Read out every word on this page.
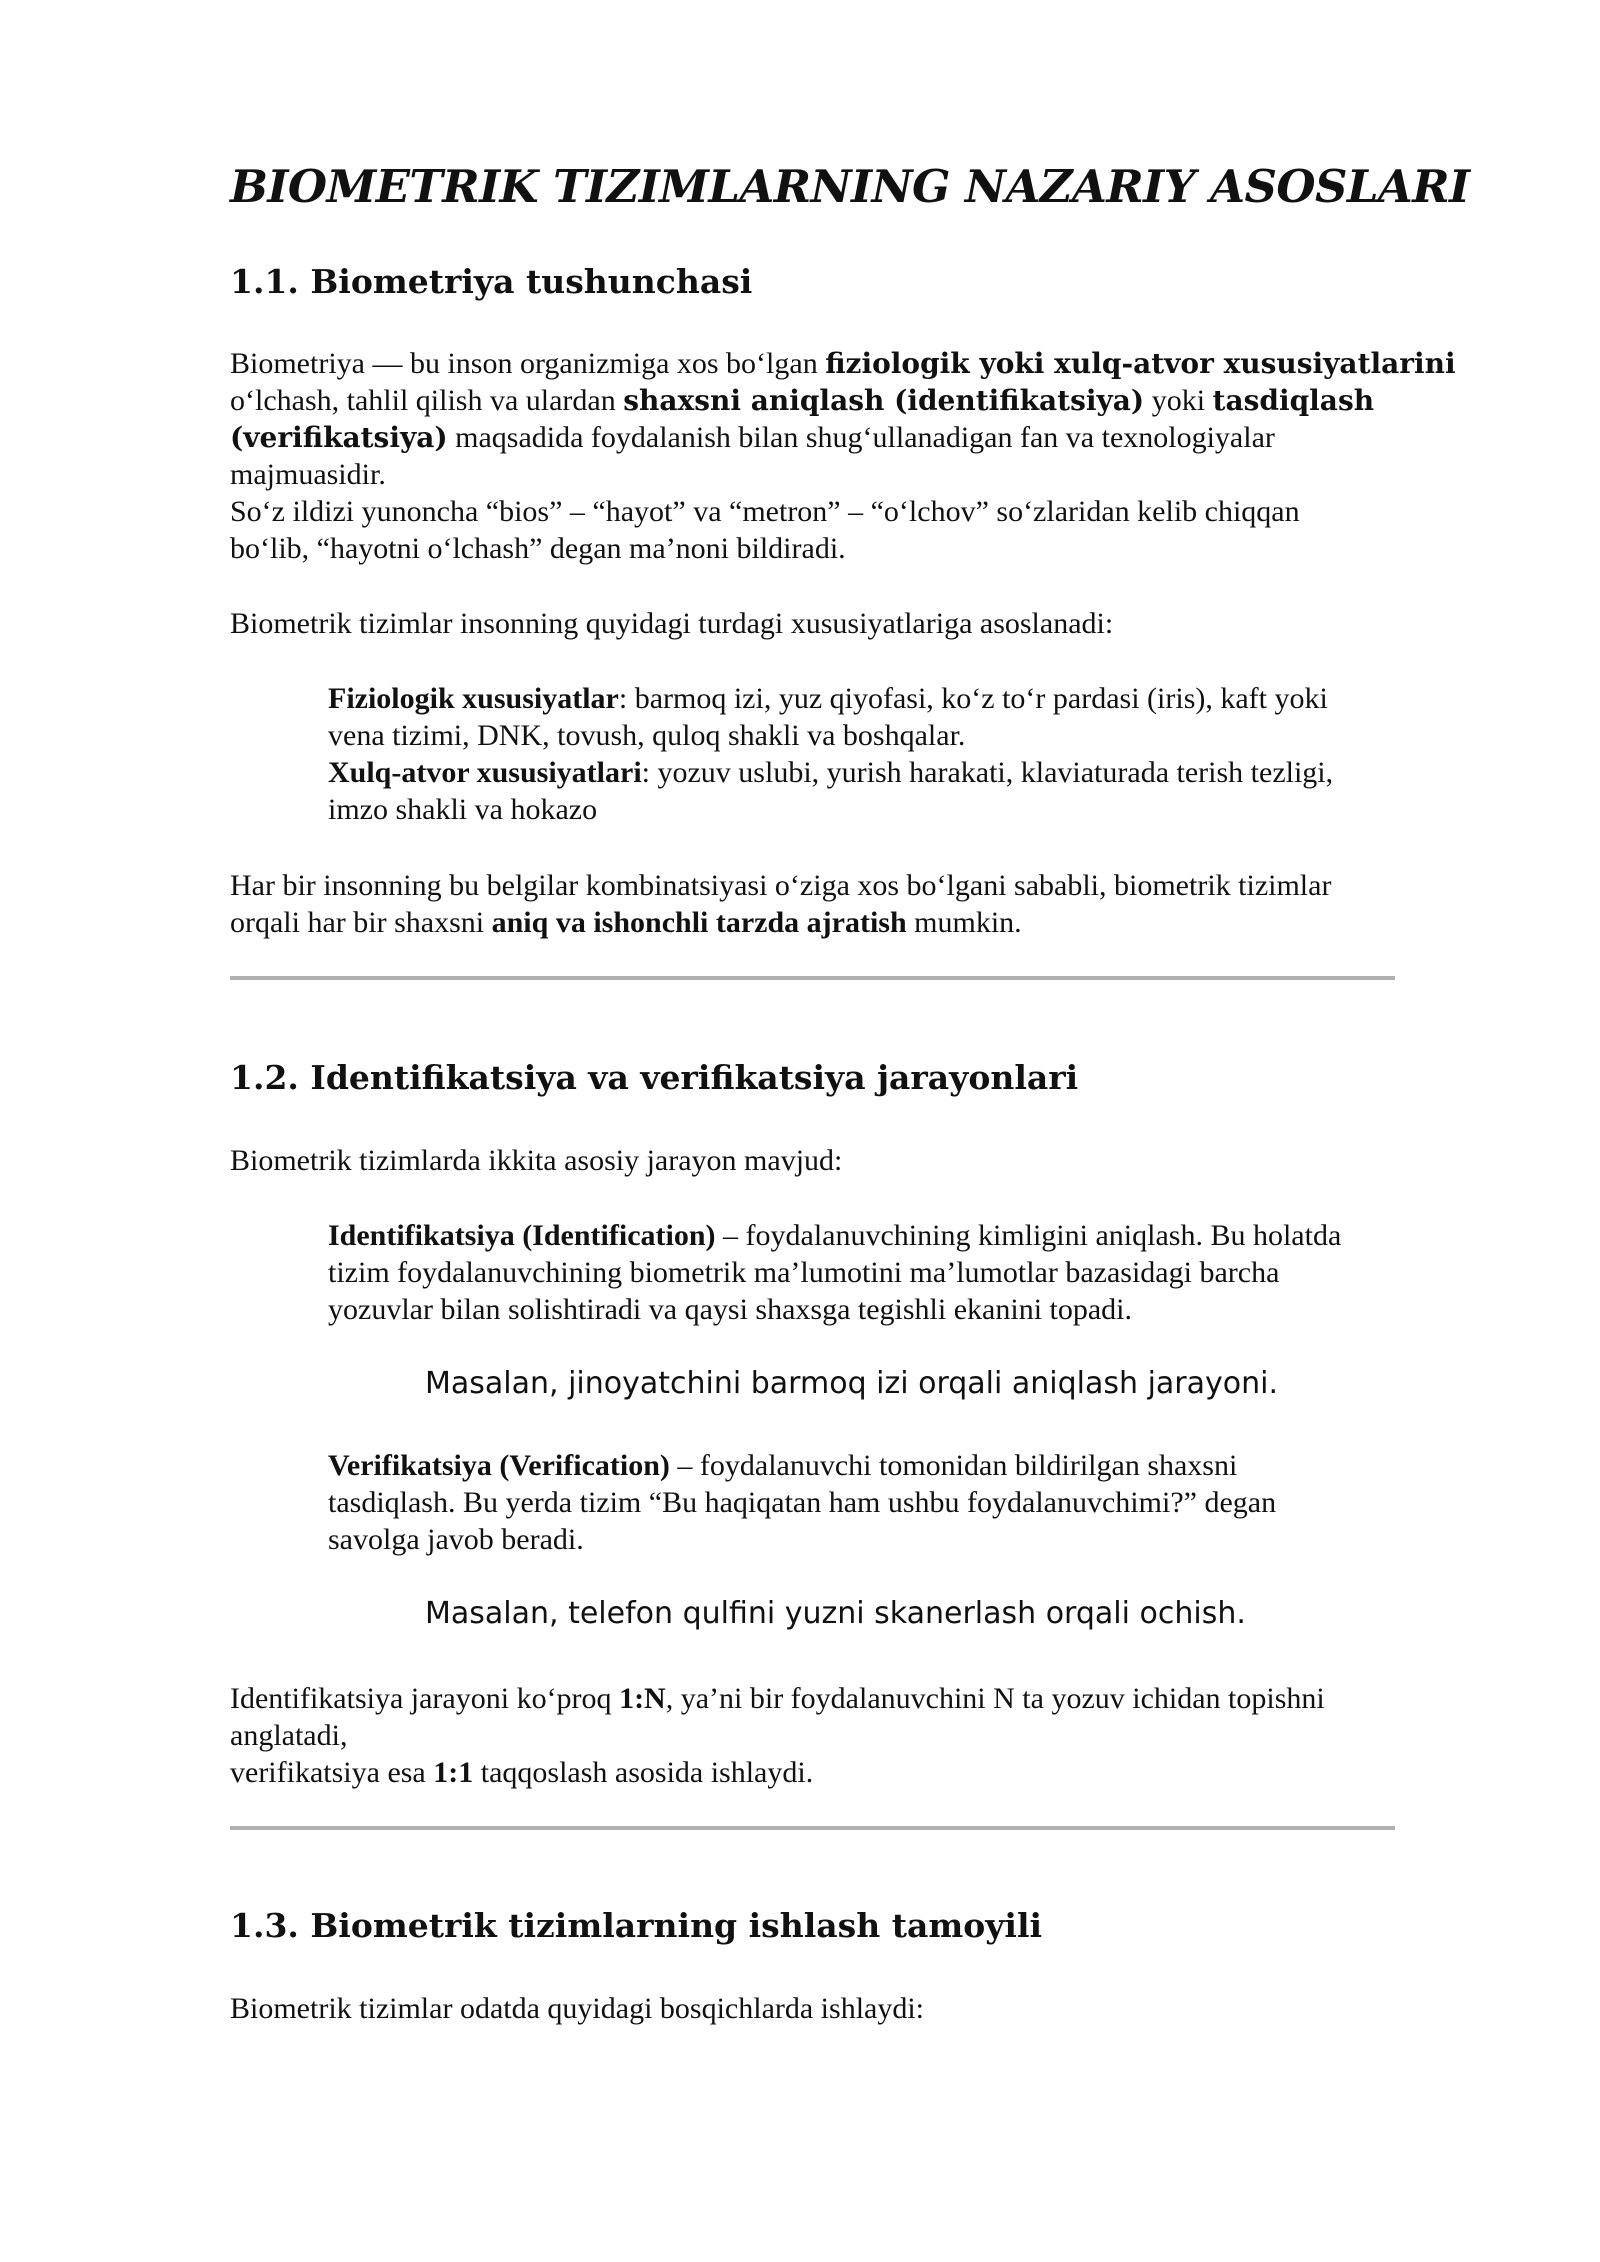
BIOMETRIK TIZIMLARNING NAZARIY ASOSLARI
1.1. Biometriya tushunchasi

Biometriya — bu inson organizmiga xos bo‘lgan fiziologik yoki xulq-atvor xususiyatlarini

o‘lchash, tahlil qilish va ulardan shaxsni aniqlash (identifikatsiya) yoki tasdiqlash

(verifikatsiya) maqsadida foydalanish bilan shug‘ullanadigan fan va texnologiyalar

majmuasidir.

So‘z ildizi yunoncha “bios” – “hayot” va “metron” – “o‘lchov” so‘zlaridan kelib chiqqan

bo‘lib, “hayotni o‘lchash” degan ma’noni bildiradi.

Biometrik tizimlar insonning quyidagi turdagi xususiyatlariga asoslanadi:

Fiziologik xususiyatlar: barmoq izi, yuz qiyofasi, ko‘z to‘r pardasi (iris), kaft yoki

vena tizimi, DNK, tovush, quloq shakli va boshqalar.

Xulq-atvor xususiyatlari: yozuv uslubi, yurish harakati, klaviaturada terish tezligi,

imzo shakli va hokazo

Har bir insonning bu belgilar kombinatsiyasi o‘ziga xos bo‘lgani sababli, biometrik tizimlar

orqali har bir shaxsni aniq va ishonchli tarzda ajratish mumkin.

1.2. Identifikatsiya va verifikatsiya jarayonlari

Biometrik tizimlarda ikkita asosiy jarayon mavjud:

Identifikatsiya (Identification) – foydalanuvchining kimligini aniqlash. Bu holatda

tizim foydalanuvchining biometrik ma’lumotini ma’lumotlar bazasidagi barcha

yozuvlar bilan solishtiradi va qaysi shaxsga tegishli ekanini topadi.

Masalan, jinoyatchini barmoq izi orqali aniqlash jarayoni.

Verifikatsiya (Verification) – foydalanuvchi tomonidan bildirilgan shaxsni

tasdiqlash. Bu yerda tizim “Bu haqiqatan ham ushbu foydalanuvchimi?” degan

savolga javob beradi.

Masalan, telefon qulfini yuzni skanerlash orqali ochish.

Identifikatsiya jarayoni ko‘proq 1:N, ya’ni bir foydalanuvchini N ta yozuv ichidan topishni

anglatadi,

verifikatsiya esa 1:1 taqqoslash asosida ishlaydi.

1.3. Biometrik tizimlarning ishlash tamoyili

Biometrik tizimlar odatda quyidagi bosqichlarda ishlaydi:
